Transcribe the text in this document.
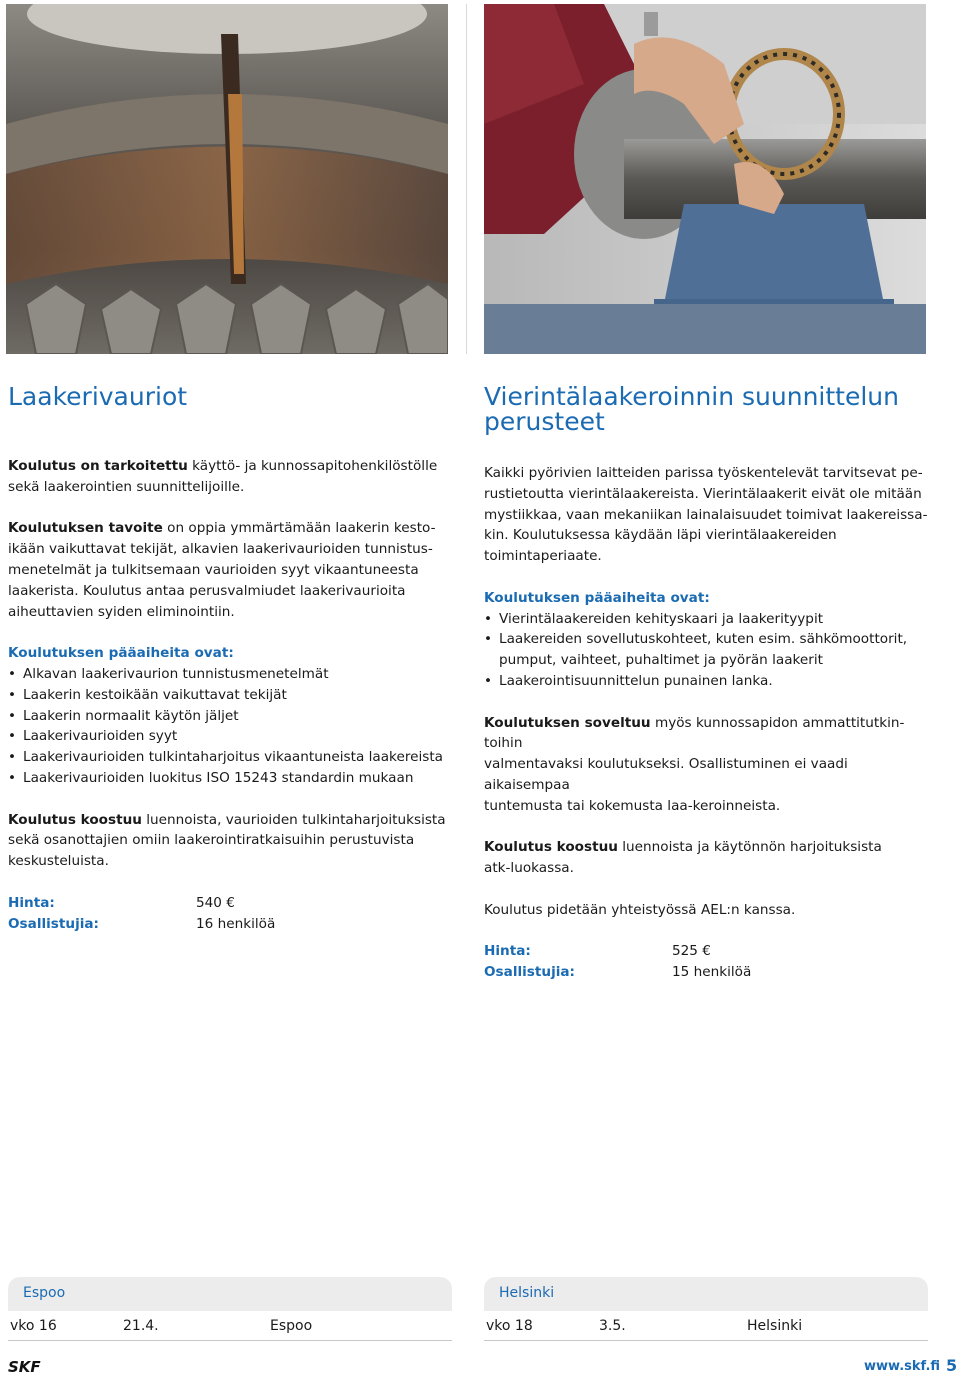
Laakerivauriot

Koulutus on tarkoitettu käyttö- ja kunnossapitohenkilöstölle
sekä laakerointien suunnittelijoille.

Koulutuksen tavoite on oppia ymmärtämään laakerin kesto-
ikään vaikuttavat tekijät, alkavien laakerivaurioiden tunnistus-
menetelmät ja tulkitsemaan vaurioiden syyt vikaantuneesta
laakerista. Koulutus antaa perusvalmiudet laakerivaurioita
aiheuttavien syiden eliminointiin.

Koulutuksen pääaiheita ovat:
• Alkavan laakerivaurion tunnistusmenetelmät
• Laakerin kestoikään vaikuttavat tekijät
• Laakerin normaalit käytön jäljet
• Laakerivaurioiden syyt
• Laakerivaurioiden tulkintaharjoitus vikaantuneista laakereista
• Laakerivaurioiden luokitus ISO 15243 standardin mukaan

Koulutus koostuu luennoista, vaurioiden tulkintaharjoituksista
sekä osanottajien omiin laakerointiratkaisuihin perustuvista
keskusteluista.

Hinta:	540 €
Osallistujia:	16 henkilöä
Vierintälaakeroinnin suunnittelun
perusteet

Kaikki pyörivien laitteiden parissa työskentelevät tarvitsevat pe-
rustietoutta vierintälaakereista. Vierintälaakerit eivät ole mitään
mystiikkaa, vaan mekaniikan lainalaisuudet toimivat laakereissa-
kin. Koulutuksessa käydään läpi vierintälaakereiden
toimintaperiaate.

Koulutuksen pääaiheita ovat:
• Vierintälaakereiden kehityskaari ja laakerityypit
• Laakereiden sovellutuskohteet, kuten esim. sähkömoottorit,
pumput, vaihteet, puhaltimet ja pyörän laakerit
• Laakerointisuunnittelun punainen lanka.

Koulutuksen soveltuu myös kunnossapidon ammattitutkin-toihin
valmentavaksi koulutukseksi. Osallistuminen ei vaadi aikaisempaa
tuntemusta tai kokemusta laa-keroinneista.

Koulutus koostuu luennoista ja käytönnön harjoituksista
atk-luokassa.

Koulutus pidetään yhteistyössä AEL:n kanssa.

Hinta:	525 €
Osallistujia:	15 henkilöä
Espoo
vko 16	21.4.	Espoo
Helsinki
vko 18	3.5.	Helsinki
SKF	www.skf.fi 5
